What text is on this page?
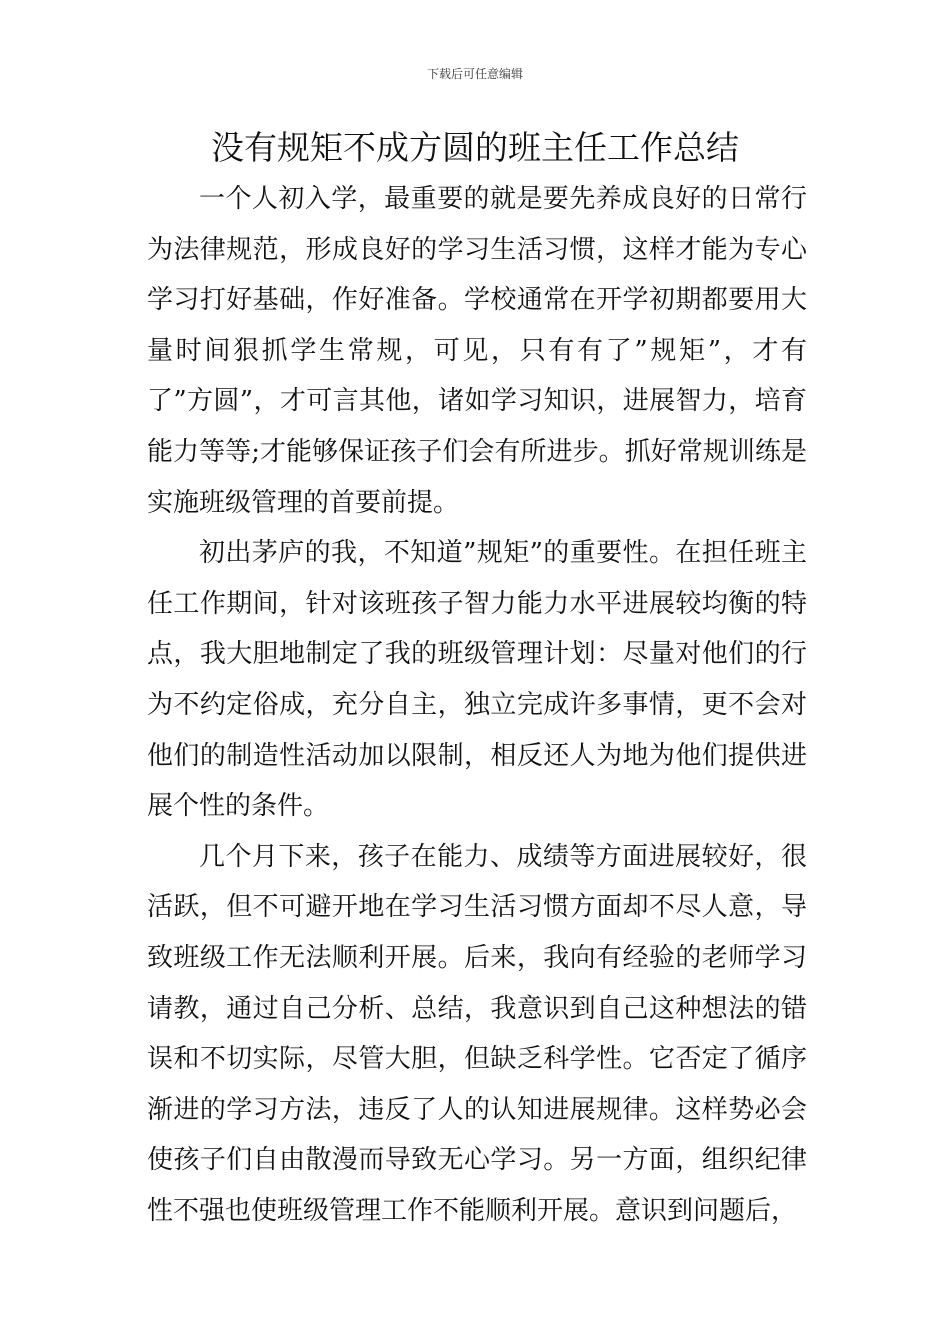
下载后可任意编辑
没有规矩不成方圆的班主任工作总结

一个人初入学，最重要的就是要先养成良好的日常行为法律规范，形成良好的学习生活习惯，这样才能为专心学习打好基础，作好准备。学校通常在开学初期都要用大量时间狠抓学生常规，可见，只有有了”规矩”，才有了”方圆”，才可言其他，诸如学习知识，进展智力，培育能力等等;才能够保证孩子们会有所进步。抓好常规训练是实施班级管理的首要前提。

初出茅庐的我，不知道”规矩”的重要性。在担任班主任工作期间，针对该班孩子智力能力水平进展较均衡的特点，我大胆地制定了我的班级管理计划：尽量对他们的行为不约定俗成，充分自主，独立完成许多事情，更不会对他们的制造性活动加以限制，相反还人为地为他们提供进展个性的条件。

几个月下来，孩子在能力、成绩等方面进展较好，很活跃，但不可避开地在学习生活习惯方面却不尽人意，导致班级工作无法顺利开展。后来，我向有经验的老师学习请教，通过自己分析、总结，我意识到自己这种想法的错误和不切实际，尽管大胆，但缺乏科学性。它否定了循序渐进的学习方法，违反了人的认知进展规律。这样势必会使孩子们自由散漫而导致无心学习。另一方面，组织纪律性不强也使班级管理工作不能顺利开展。意识到问题后，
